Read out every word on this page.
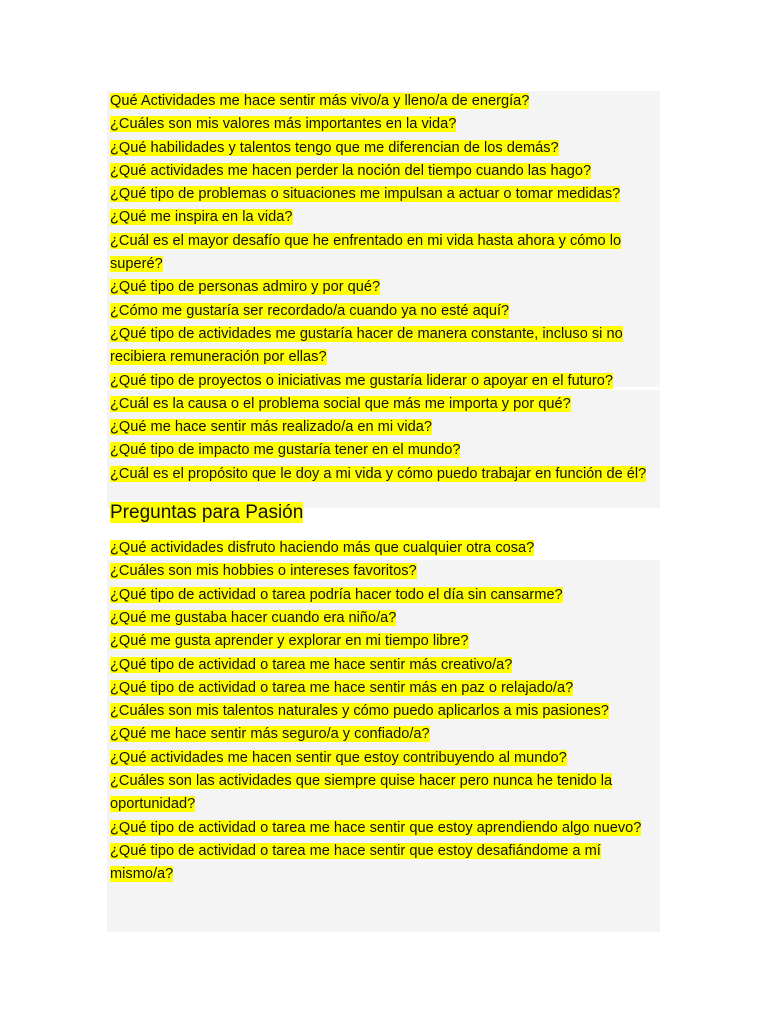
Qué Actividades me hace sentir más vivo/a y lleno/a de energía?
¿Cuáles son mis valores más importantes en la vida?
¿Qué habilidades y talentos tengo que me diferencian de los demás?
¿Qué actividades me hacen perder la noción del tiempo cuando las hago?
¿Qué tipo de problemas o situaciones me impulsan a actuar o tomar medidas?
¿Qué me inspira en la vida?
¿Cuál es el mayor desafío que he enfrentado en mi vida hasta ahora y cómo lo superé?
¿Qué tipo de personas admiro y por qué?
¿Cómo me gustaría ser recordado/a cuando ya no esté aquí?
¿Qué tipo de actividades me gustaría hacer de manera constante, incluso si no recibiera remuneración por ellas?
¿Qué tipo de proyectos o iniciativas me gustaría liderar o apoyar en el futuro?
¿Cuál es la causa o el problema social que más me importa y por qué?
¿Qué me hace sentir más realizado/a en mi vida?
¿Qué tipo de impacto me gustaría tener en el mundo?
¿Cuál es el propósito que le doy a mi vida y cómo puedo trabajar en función de él?
Preguntas para Pasión
¿Qué actividades disfruto haciendo más que cualquier otra cosa?
¿Cuáles son mis hobbies o intereses favoritos?
¿Qué tipo de actividad o tarea podría hacer todo el día sin cansarme?
¿Qué me gustaba hacer cuando era niño/a?
¿Qué me gusta aprender y explorar en mi tiempo libre?
¿Qué tipo de actividad o tarea me hace sentir más creativo/a?
¿Qué tipo de actividad o tarea me hace sentir más en paz o relajado/a?
¿Cuáles son mis talentos naturales y cómo puedo aplicarlos a mis pasiones?
¿Qué me hace sentir más seguro/a y confiado/a?
¿Qué actividades me hacen sentir que estoy contribuyendo al mundo?
¿Cuáles son las actividades que siempre quise hacer pero nunca he tenido la oportunidad?
¿Qué tipo de actividad o tarea me hace sentir que estoy aprendiendo algo nuevo?
¿Qué tipo de actividad o tarea me hace sentir que estoy desafiándome a mí mismo/a?
